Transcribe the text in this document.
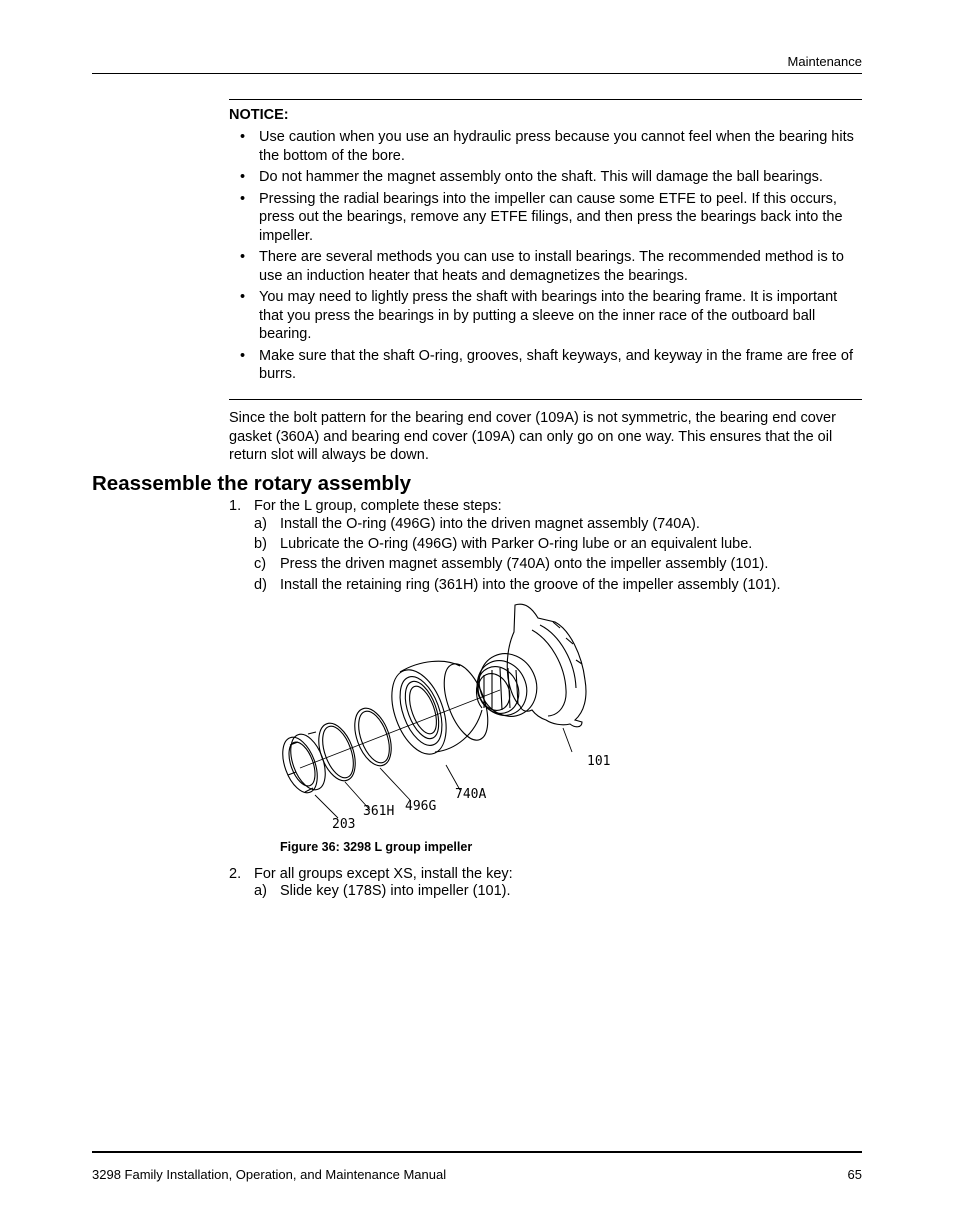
Maintenance
NOTICE:
• Use caution when you use an hydraulic press because you cannot feel when the bearing hits the bottom of the bore.
• Do not hammer the magnet assembly onto the shaft. This will damage the ball bearings.
• Pressing the radial bearings into the impeller can cause some ETFE to peel. If this occurs, press out the bearings, remove any ETFE filings, and then press the bearings back into the impeller.
• There are several methods you can use to install bearings. The recommended method is to use an induction heater that heats and demagnetizes the bearings.
• You may need to lightly press the shaft with bearings into the bearing frame. It is important that you press the bearings in by putting a sleeve on the inner race of the outboard ball bearing.
• Make sure that the shaft O-ring, grooves, shaft keyways, and keyway in the frame are free of burrs.
Since the bolt pattern for the bearing end cover (109A) is not symmetric, the bearing end cover gasket (360A) and bearing end cover (109A) can only go on one way. This ensures that the oil return slot will always be down.
Reassemble the rotary assembly
1. For the L group, complete these steps:
a) Install the O-ring (496G) into the driven magnet assembly (740A).
b) Lubricate the O-ring (496G) with Parker O-ring lube or an equivalent lube.
c) Press the driven magnet assembly (740A) onto the impeller assembly (101).
d) Install the retaining ring (361H) into the groove of the impeller assembly (101).
101
740A
496G
361H
203
Figure 36: 3298 L group impeller
2. For all groups except XS, install the key:
a) Slide key (178S) into impeller (101).
3298 Family Installation, Operation, and Maintenance Manual	65
